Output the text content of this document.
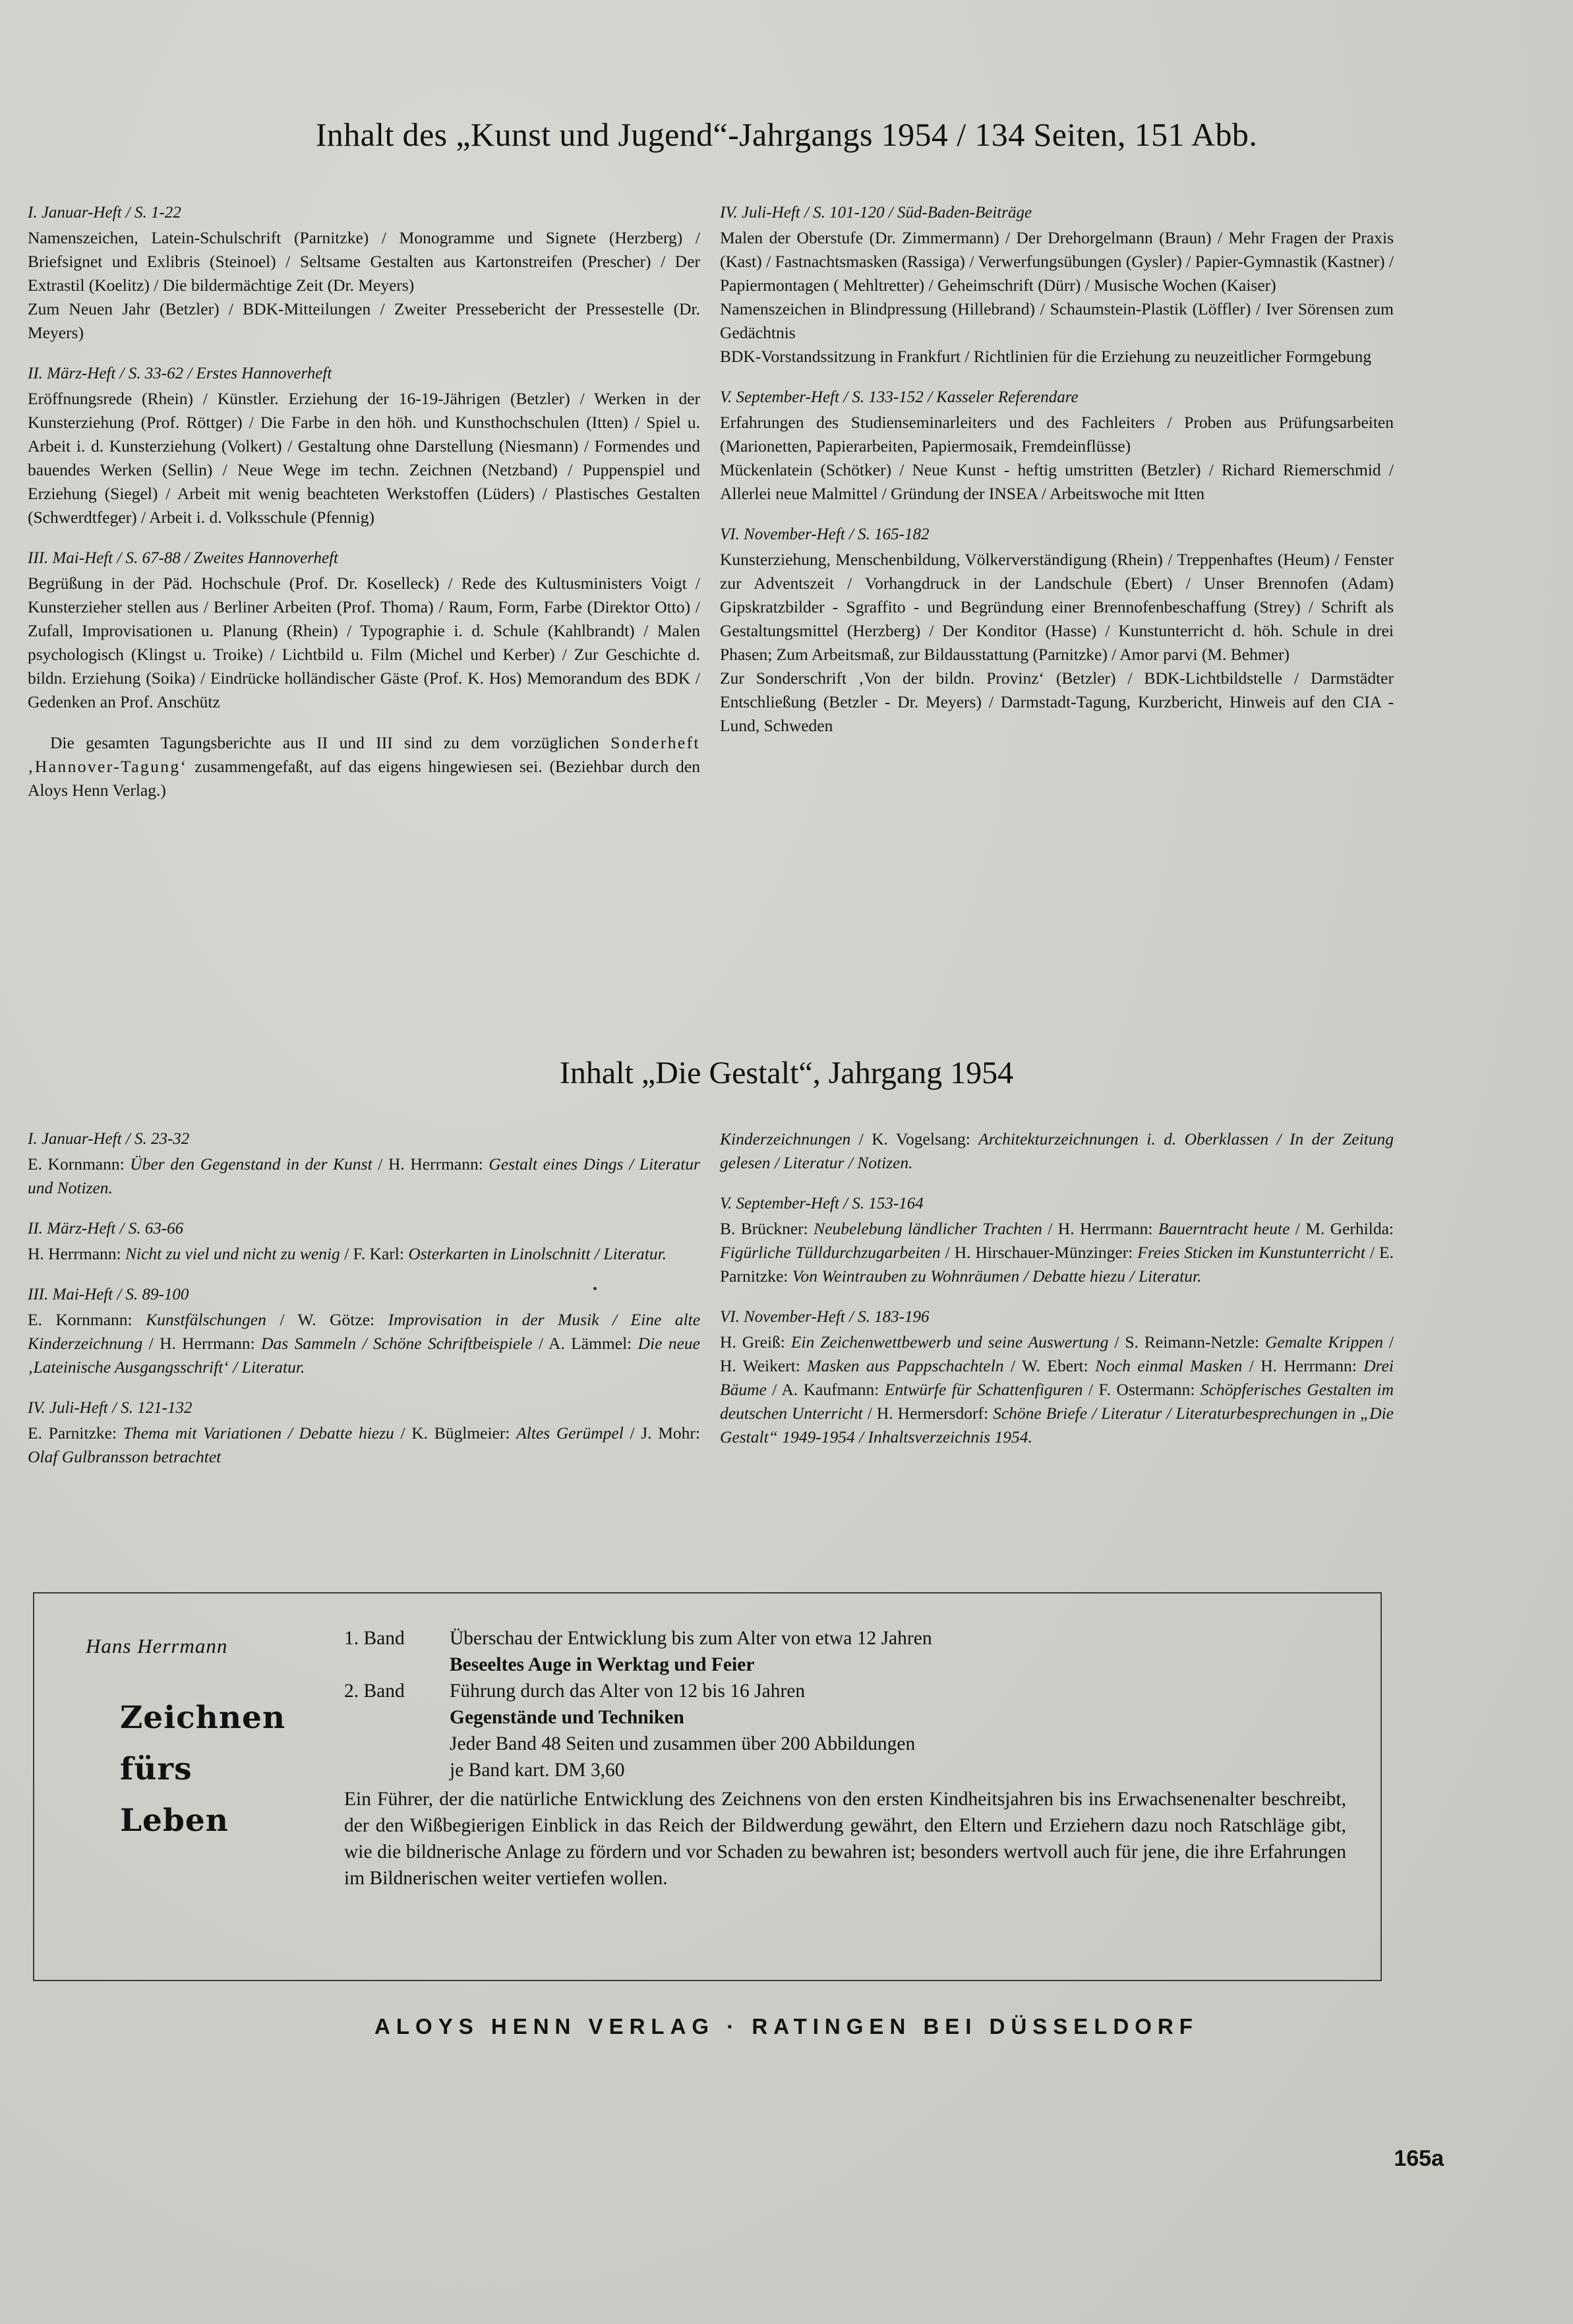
Inhalt des „Kunst und Jugend“-Jahrgangs 1954 / 134 Seiten, 151 Abb.
I. Januar-Heft / S. 1-22
Namenszeichen, Latein-Schulschrift (Parnitzke) / Monogramme und Signete (Herzberg) / Briefsignet und Exlibris (Steinoel) / Seltsame Gestalten aus Kartonstreifen (Prescher) / Der Extrastil (Koelitz) / Die bildermächtige Zeit (Dr. Meyers)
Zum Neuen Jahr (Betzler) / BDK-Mitteilungen / Zweiter Pressebericht der Pressestelle (Dr. Meyers)
II. März-Heft / S. 33-62 / Erstes Hannoverheft
Eröffnungsrede (Rhein) / Künstler. Erziehung der 16-19-Jährigen (Betzler) / Werken in der Kunsterziehung (Prof. Röttger) / Die Farbe in den höh. und Kunsthochschulen (Itten) / Spiel u. Arbeit i. d. Kunsterziehung (Volkert) / Gestaltung ohne Darstellung (Niesmann) / Formendes und bauendes Werken (Sellin) / Neue Wege im techn. Zeichnen (Netzband) / Puppenspiel und Erziehung (Siegel) / Arbeit mit wenig beachteten Werkstoffen (Lüders) / Plastisches Gestalten (Schwerdtfeger) / Arbeit i. d. Volksschule (Pfennig)
III. Mai-Heft / S. 67-88 / Zweites Hannoverheft
Begrüßung in der Päd. Hochschule (Prof. Dr. Koselleck) / Rede des Kultusministers Voigt / Kunsterzieher stellen aus / Berliner Arbeiten (Prof. Thoma) / Raum, Form, Farbe (Direktor Otto) / Zufall, Improvisationen u. Planung (Rhein) / Typographie i. d. Schule (Kahlbrandt) / Malen psychologisch (Klingst u. Troike) / Lichtbild u. Film (Michel und Kerber) / Zur Geschichte d. bildn. Erziehung (Soika) / Eindrücke holländischer Gäste (Prof. K. Hos) Memorandum des BDK / Gedenken an Prof. Anschütz
Die gesamten Tagungsberichte aus II und III sind zu dem vorzüglichen Sonderheft ‚Hannover-Tagung‘ zusammengefaßt, auf das eigens hingewiesen sei. (Beziehbar durch den Aloys Henn Verlag.)
IV. Juli-Heft / S. 101-120 / Süd-Baden-Beiträge
Malen der Oberstufe (Dr. Zimmermann) / Der Drehorgelmann (Braun) / Mehr Fragen der Praxis (Kast) / Fastnachtsmasken (Rassiga) / Verwerfungsübungen (Gysler) / Papier-Gymnastik (Kastner) / Papiermontagen ( Mehltretter) / Geheimschrift (Dürr) / Musische Wochen (Kaiser)
Namenszeichen in Blindpressung (Hillebrand) / Schaumstein-Plastik (Löffler) / Iver Sörensen zum Gedächtnis
BDK-Vorstandssitzung in Frankfurt / Richtlinien für die Erziehung zu neuzeitlicher Formgebung
V. September-Heft / S. 133-152 / Kasseler Referendare
Erfahrungen des Studienseminarleiters und des Fachleiters / Proben aus Prüfungsarbeiten (Marionetten, Papierarbeiten, Papiermosaik, Fremdeinflüsse)
Mückenlatein (Schötker) / Neue Kunst - heftig umstritten (Betzler) / Richard Riemerschmid / Allerlei neue Malmittel / Gründung der INSEA / Arbeitswoche mit Itten
VI. November-Heft / S. 165-182
Kunsterziehung, Menschenbildung, Völkerverständigung (Rhein) / Treppenhaftes (Heum) / Fenster zur Adventszeit / Vorhangdruck in der Landschule (Ebert) / Unser Brennofen (Adam) Gipskratzbilder - Sgraffito - und Begründung einer Brennofenbeschaffung (Strey) / Schrift als Gestaltungsmittel (Herzberg) / Der Konditor (Hasse) / Kunstunterricht d. höh. Schule in drei Phasen; Zum Arbeitsmaß, zur Bildausstattung (Parnitzke) / Amor parvi (M. Behmer)
Zur Sonderschrift ‚Von der bildn. Provinz‘ (Betzler) / BDK-Lichtbildstelle / Darmstädter Entschließung (Betzler - Dr. Meyers) / Darmstadt-Tagung, Kurzbericht, Hinweis auf den CIA - Lund, Schweden
Inhalt „Die Gestalt“, Jahrgang 1954
I. Januar-Heft / S. 23-32
E. Kornmann: Über den Gegenstand in der Kunst / H. Herrmann: Gestalt eines Dings / Literatur und Notizen.
II. März-Heft / S. 63-66
H. Herrmann: Nicht zu viel und nicht zu wenig / F. Karl: Osterkarten in Linolschnitt / Literatur.
III. Mai-Heft / S. 89-100
E. Kornmann: Kunstfälschungen / W. Götze: Improvisation in der Musik / Eine alte Kinderzeichnung / H. Herrmann: Das Sammeln / Schöne Schriftbeispiele / A. Lämmel: Die neue ‚Lateinische Ausgangsschrift‘ / Literatur.
IV. Juli-Heft / S. 121-132
E. Parnitzke: Thema mit Variationen / Debatte hiezu / K. Büglmeier: Altes Gerümpel / J. Mohr: Olaf Gulbransson betrachtet
Kinderzeichnungen / K. Vogelsang: Architekturzeichnungen i. d. Oberklassen / In der Zeitung gelesen / Literatur / Notizen.
V. September-Heft / S. 153-164
B. Brückner: Neubelebung ländlicher Trachten / H. Herrmann: Bauerntracht heute / M. Gerhilda: Figürliche Tülldurchzugarbeiten / H. Hirschauer-Münzinger: Freies Sticken im Kunstunterricht / E. Parnitzke: Von Weintrauben zu Wohnräumen / Debatte hiezu / Literatur.
VI. November-Heft / S. 183-196
H. Greiß: Ein Zeichenwettbewerb und seine Auswertung / S. Reimann-Netzle: Gemalte Krippen / H. Weikert: Masken aus Pappschachteln / W. Ebert: Noch einmal Masken / H. Herrmann: Drei Bäume / A. Kaufmann: Entwürfe für Schattenfiguren / F. Ostermann: Schöpferisches Gestalten im deutschen Unterricht / H. Hermersdorf: Schöne Briefe / Literatur / Literaturbesprechungen in „Die Gestalt“ 1949-1954 / Inhaltsverzeichnis 1954.
Hans Herrmann
Zeichnen
fürs
Leben
1. Band	Überschau der Entwicklung bis zum Alter von etwa 12 Jahren
Beseeltes Auge in Werktag und Feier
2. Band	Führung durch das Alter von 12 bis 16 Jahren
Gegenstände und Techniken
Jeder Band 48 Seiten und zusammen über 200 Abbildungen
je Band kart. DM 3,60
Ein Führer, der die natürliche Entwicklung des Zeichnens von den ersten Kindheitsjahren bis ins Erwachsenenalter beschreibt, der den Wißbegierigen Einblick in das Reich der Bildwerdung gewährt, den Eltern und Erziehern dazu noch Ratschläge gibt, wie die bildnerische Anlage zu fördern und vor Schaden zu bewahren ist; besonders wertvoll auch für jene, die ihre Erfahrungen im Bildnerischen weiter vertiefen wollen.
ALOYS HENN VERLAG · RATINGEN BEI DÜSSELDORF
165a
